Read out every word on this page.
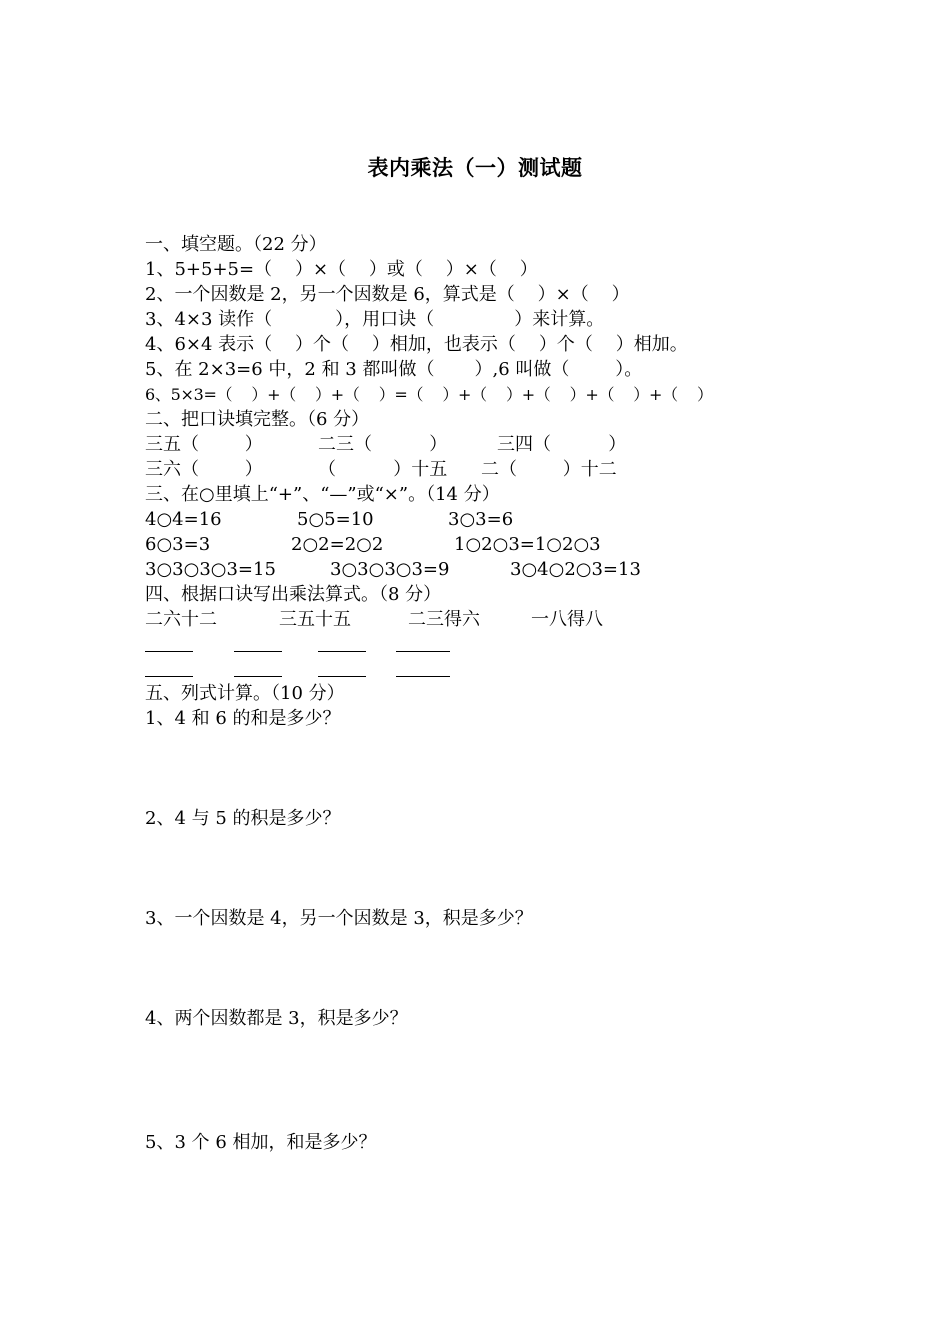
表内乘法（一）测试题
一、填空题。（22 分）
1、5+5+5=（    ）×（    ）或（    ）×（    ）
2、一个因数是 2，另一个因数是 6，算式是（    ）×（    ）
3、4×3 读作（           ），用口诀（              ）来计算。
4、6×4 表示（    ）个（    ）相加，也表示（    ）个（    ）相加。
5、在 2×3=6 中，2 和 3 都叫做（       ）,6 叫做（        ）。
6、5×3=（    ）+（    ）+（    ）=（    ）+（    ）+（    ）+（    ）+（    ）
二、把口诀填完整。（6 分）
三五（        ）	二三（          ）	三四（          ）
三六（        ）	（          ）十五 二（        ）十二
三、在○里填上“+”、“—”或“×”。（14 分）
4○4=16	5○5=10	3○3=6
6○3=3	2○2=2○2	1○2○3=1○2○3
3○3○3○3=15	3○3○3○3=9	3○4○2○3=13
四、根据口诀写出乘法算式。（8 分）
二六十二	三五十五	二三得六	一八得八
五、列式计算。（10 分）
1、4 和 6 的和是多少？
2、4 与 5 的积是多少？
3、一个因数是 4，另一个因数是 3，积是多少？
4、两个因数都是 3，积是多少？
5、3 个 6 相加，和是多少？
